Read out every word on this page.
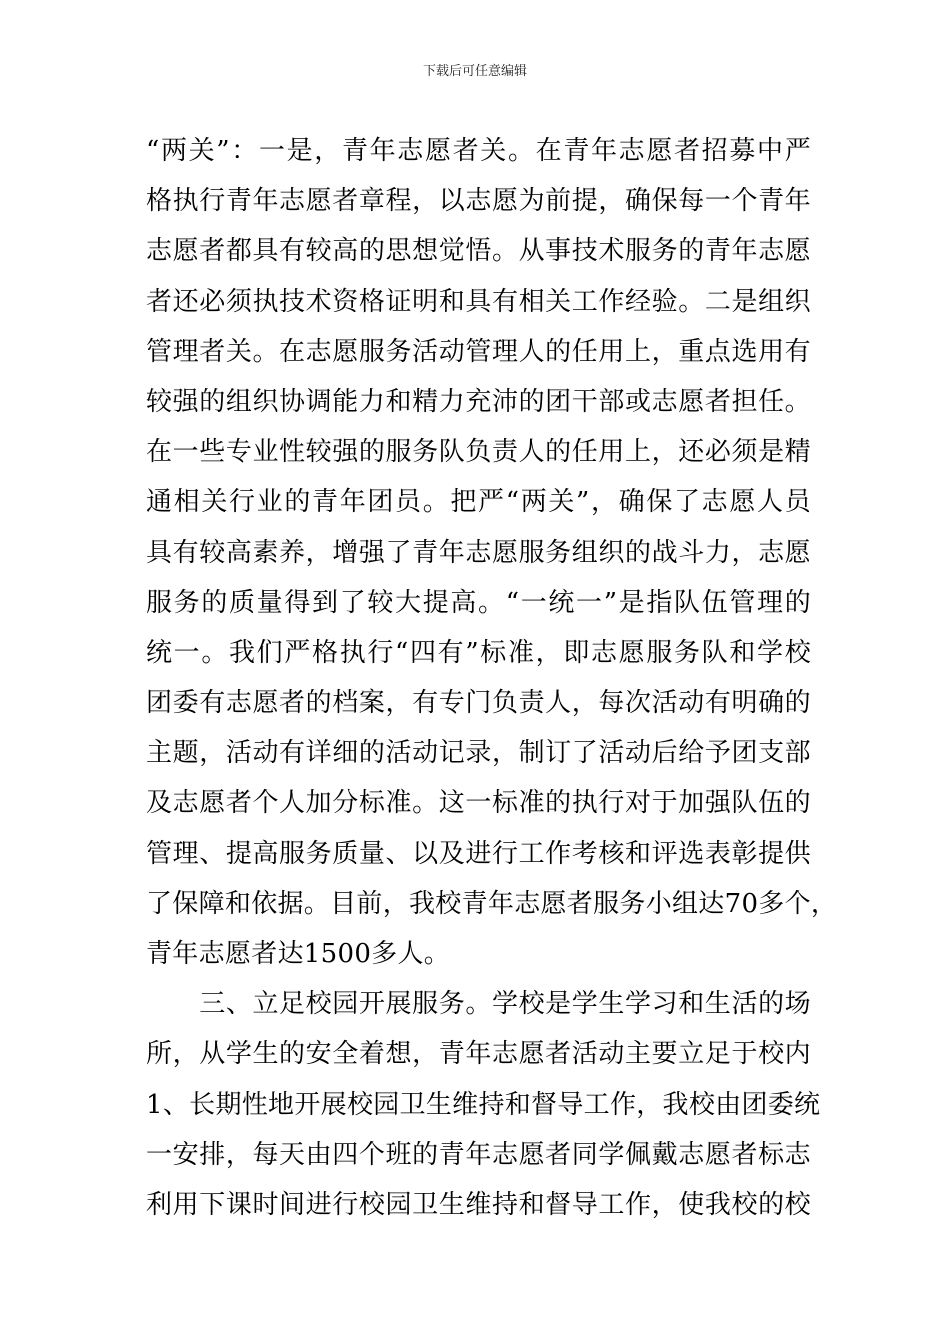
下载后可任意编辑
“两关”：一是，青年志愿者关。在青年志愿者招募中严
格执行青年志愿者章程，以志愿为前提，确保每一个青年
志愿者都具有较高的思想觉悟。从事技术服务的青年志愿
者还必须执技术资格证明和具有相关工作经验。二是组织
管理者关。在志愿服务活动管理人的任用上，重点选用有
较强的组织协调能力和精力充沛的团干部或志愿者担任。
在一些专业性较强的服务队负责人的任用上，还必须是精
通相关行业的青年团员。把严“两关”，确保了志愿人员
具有较高素养，增强了青年志愿服务组织的战斗力，志愿
服务的质量得到了较大提高。“一统一”是指队伍管理的
统一。我们严格执行“四有”标准，即志愿服务队和学校
团委有志愿者的档案，有专门负责人，每次活动有明确的
主题，活动有详细的活动记录，制订了活动后给予团支部
及志愿者个人加分标准。这一标准的执行对于加强队伍的
管理、提高服务质量、以及进行工作考核和评选表彰提供
了保障和依据。目前，我校青年志愿者服务小组达70多个，
青年志愿者达1500多人。
　　三、立足校园开展服务。学校是学生学习和生活的场
所，从学生的安全着想，青年志愿者活动主要立足于校内
1、长期性地开展校园卫生维持和督导工作，我校由团委统
一安排，每天由四个班的青年志愿者同学佩戴志愿者标志
利用下课时间进行校园卫生维持和督导工作，使我校的校
